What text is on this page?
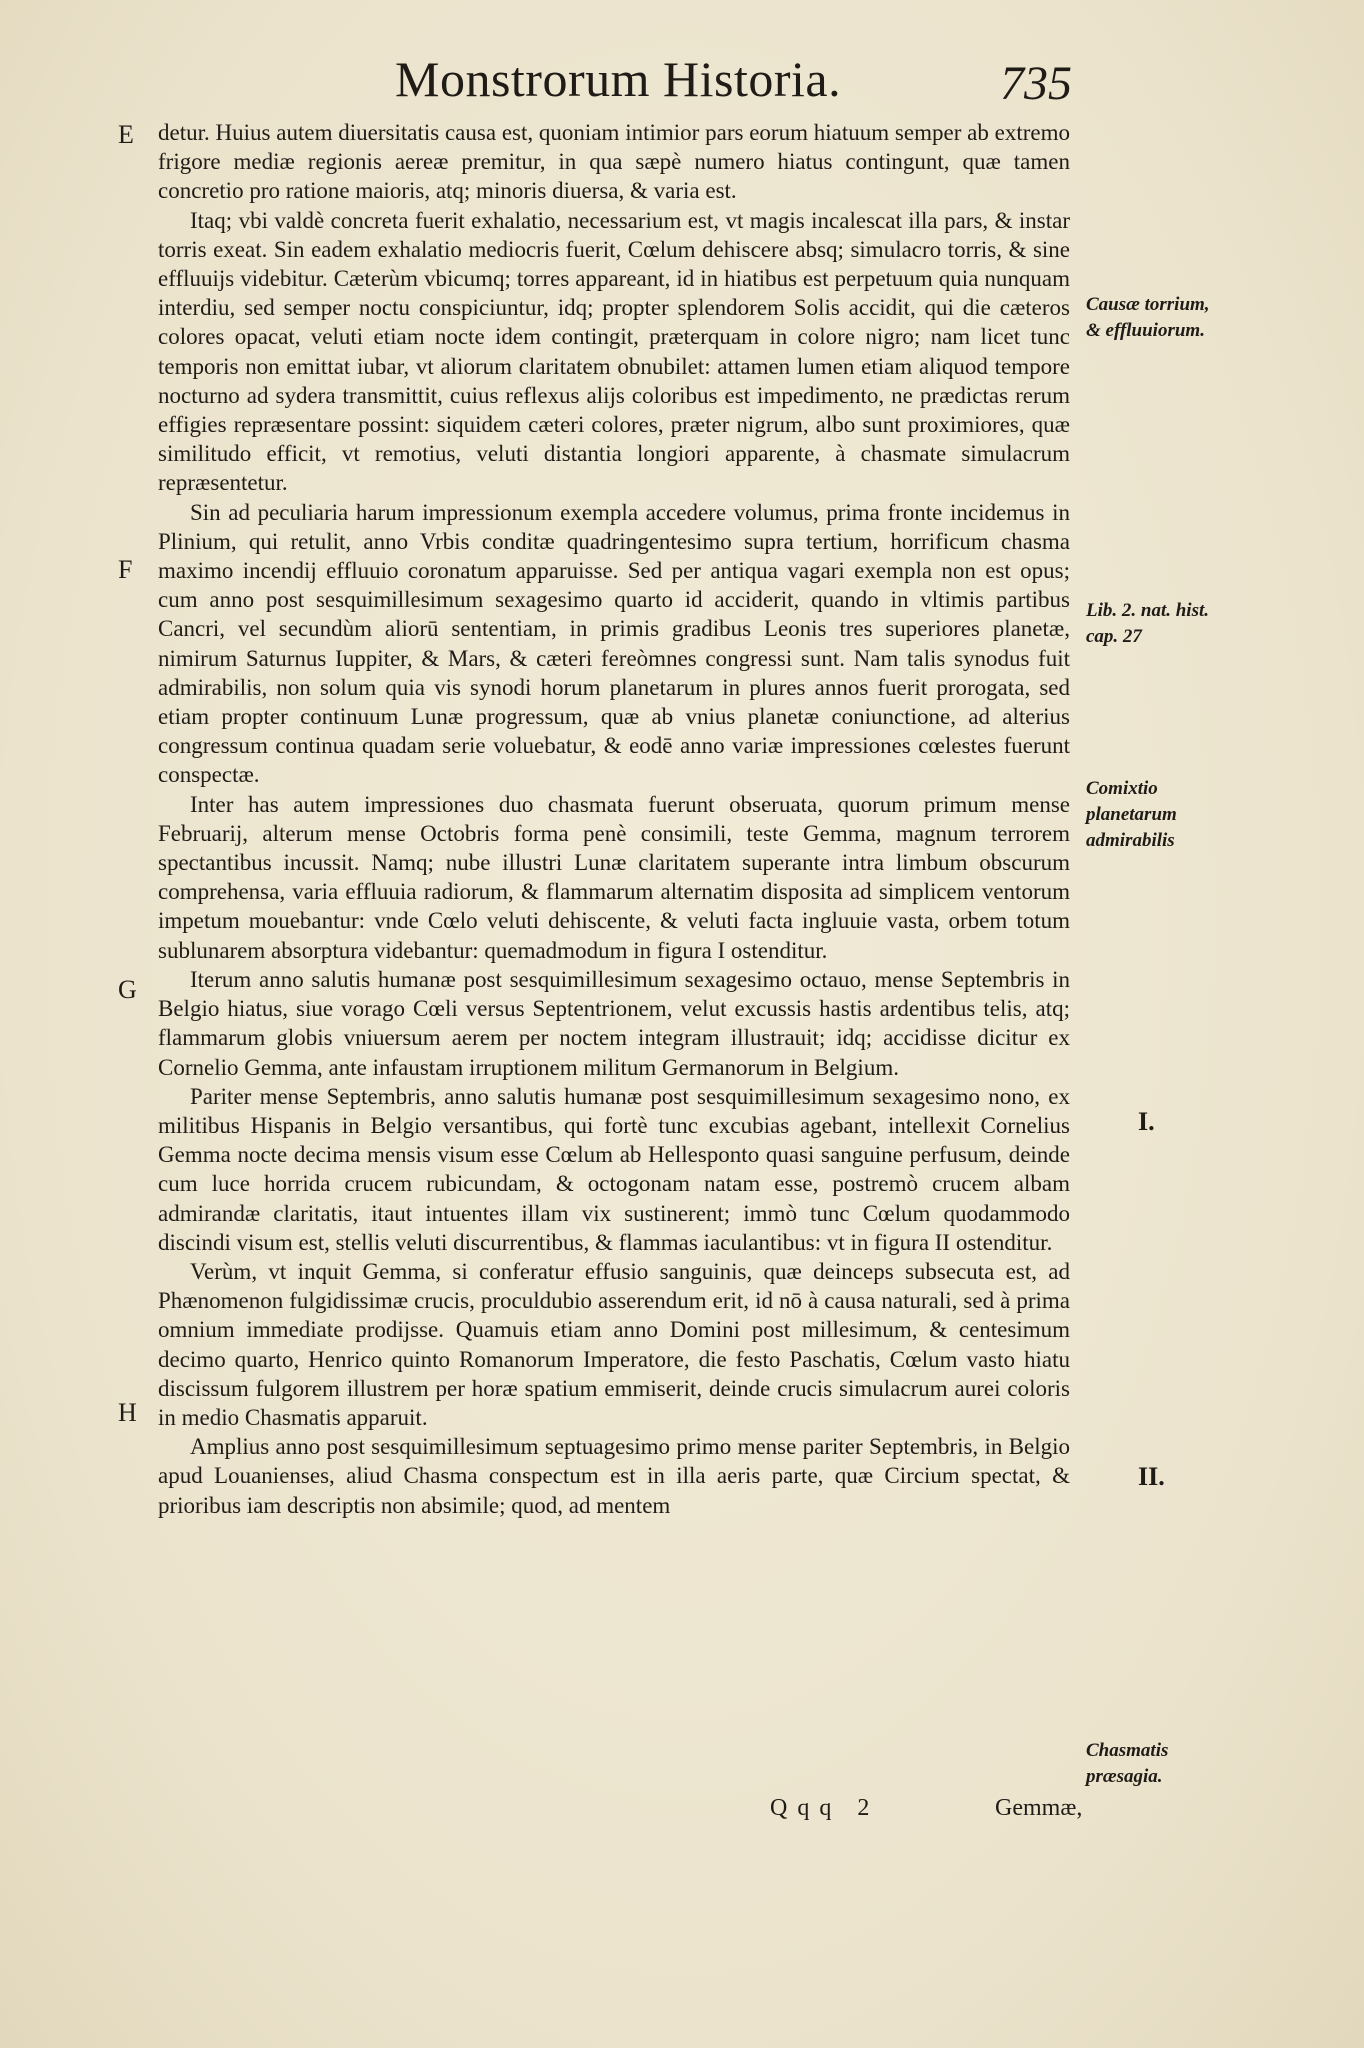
Monstrorum Historia.	735
E
F
G
H

detur. Huius autem diuersitatis causa est, quoniam intimior pars eorum hiatuum semper ab extremo frigore mediæ regionis aereæ premitur, in qua sæpè numero hiatus contingunt, quæ tamen concretio pro ratione maioris, atq; minoris diuersa, & varia est.

Itaq; vbi valdè concreta fuerit exhalatio, necessarium est, vt magis incalescat illa pars, & instar torris exeat. Sin eadem exhalatio mediocris fuerit, Cœlum dehiscere absq; simulacro torris, & sine effluuijs videbitur. Cæterùm vbicumq; torres appareant, id in hiatibus est perpetuum quia nunquam interdiu, sed semper noctu conspiciuntur, idq; propter splendorem Solis accidit, qui die cæteros colores opacat, veluti etiam nocte idem contingit, præterquam in colore nigro; nam licet tunc temporis non emittat iubar, vt aliorum claritatem obnubilet: attamen lumen etiam aliquod tempore nocturno ad sydera transmittit, cuius reflexus alijs coloribus est impedimento, ne prædictas rerum effigies repræsentare possint: siquidem cæteri colores, præter nigrum, albo sunt proximiores, quæ similitudo efficit, vt remotius, veluti distantia longiori apparente, à chasmate simulacrum repræsentetur.

Sin ad peculiaria harum impressionum exempla accedere volumus, prima fronte incidemus in Plinium, qui retulit, anno Vrbis conditæ quadringentesimo supra tertium, horrificum chasma maximo incendij effluuio coronatum apparuisse. Sed per antiqua vagari exempla non est opus; cum anno post sesquimillesimum sexagesimo quarto id acciderit, quando in vltimis partibus Cancri, vel secundùm aliorū sententiam, in primis gradibus Leonis tres superiores planetæ, nimirum Saturnus Iuppiter, & Mars, & cæteri fereòmnes congressi sunt. Nam talis synodus fuit admirabilis, non solum quia vis synodi horum planetarum in plures annos fuerit prorogata, sed etiam propter continuum Lunæ progressum, quæ ab vnius planetæ coniunctione, ad alterius congressum continua quadam serie voluebatur, & eodē anno variæ impressiones cœlestes fuerunt conspectæ.

Inter has autem impressiones duo chasmata fuerunt obseruata, quorum primum mense Februarij, alterum mense Octobris forma penè consimili, teste Gemma, magnum terrorem spectantibus incussit. Namq; nube illustri Lunæ claritatem superante intra limbum obscurum comprehensa, varia effluuia radiorum, & flammarum alternatim disposita ad simplicem ventorum impetum mouebantur: vnde Cœlo veluti dehiscente, & veluti facta ingluuie vasta, orbem totum sublunarem absorptura videbantur: quemadmodum in figura I ostenditur.

Iterum anno salutis humanæ post sesquimillesimum sexagesimo octauo, mense Septembris in Belgio hiatus, siue vorago Cœli versus Septentrionem, velut excussis hastis ardentibus telis, atq; flammarum globis vniuersum aerem per noctem integram illustrauit; idq; accidisse dicitur ex Cornelio Gemma, ante infaustam irruptionem militum Germanorum in Belgium.

Pariter mense Septembris, anno salutis humanæ post sesquimillesimum sexagesimo nono, ex militibus Hispanis in Belgio versantibus, qui fortè tunc excubias agebant, intellexit Cornelius Gemma nocte decima mensis visum esse Cœlum ab Hellesponto quasi sanguine perfusum, deinde cum luce horrida crucem rubicundam, & octogonam natam esse, postremò crucem albam admirandæ claritatis, itaut intuentes illam vix sustinerent; immò tunc Cœlum quodammodo discindi visum est, stellis veluti discurrentibus, & flammas iaculantibus: vt in figura II ostenditur.

Verùm, vt inquit Gemma, si conferatur effusio sanguinis, quæ deinceps subsecuta est, ad Phænomenon fulgidissimæ crucis, proculdubio asserendum erit, id nō à causa naturali, sed à prima omnium immediate prodijsse. Quamuis etiam anno Domini post millesimum, & centesimum decimo quarto, Henrico quinto Romanorum Imperatore, die festo Paschatis, Cœlum vasto hiatu discissum fulgorem illustrem per horæ spatium emmiserit, deinde crucis simulacrum aurei coloris in medio Chasmatis apparuit.

Amplius anno post sesquimillesimum septuagesimo primo mense pariter Septembris, in Belgio apud Louanienses, aliud Chasma conspectum est in illa aeris parte, quæ Circium spectat, & prioribus iam descriptis non absimile; quod, ad mentem

Causæ torrium, & effluuiorum.
Lib. 2. nat. hist. cap. 27
Comixtio planetarum admirabilis
Chasmatis præsagia.
I.
II.
Qqq 2	Gemmæ,
